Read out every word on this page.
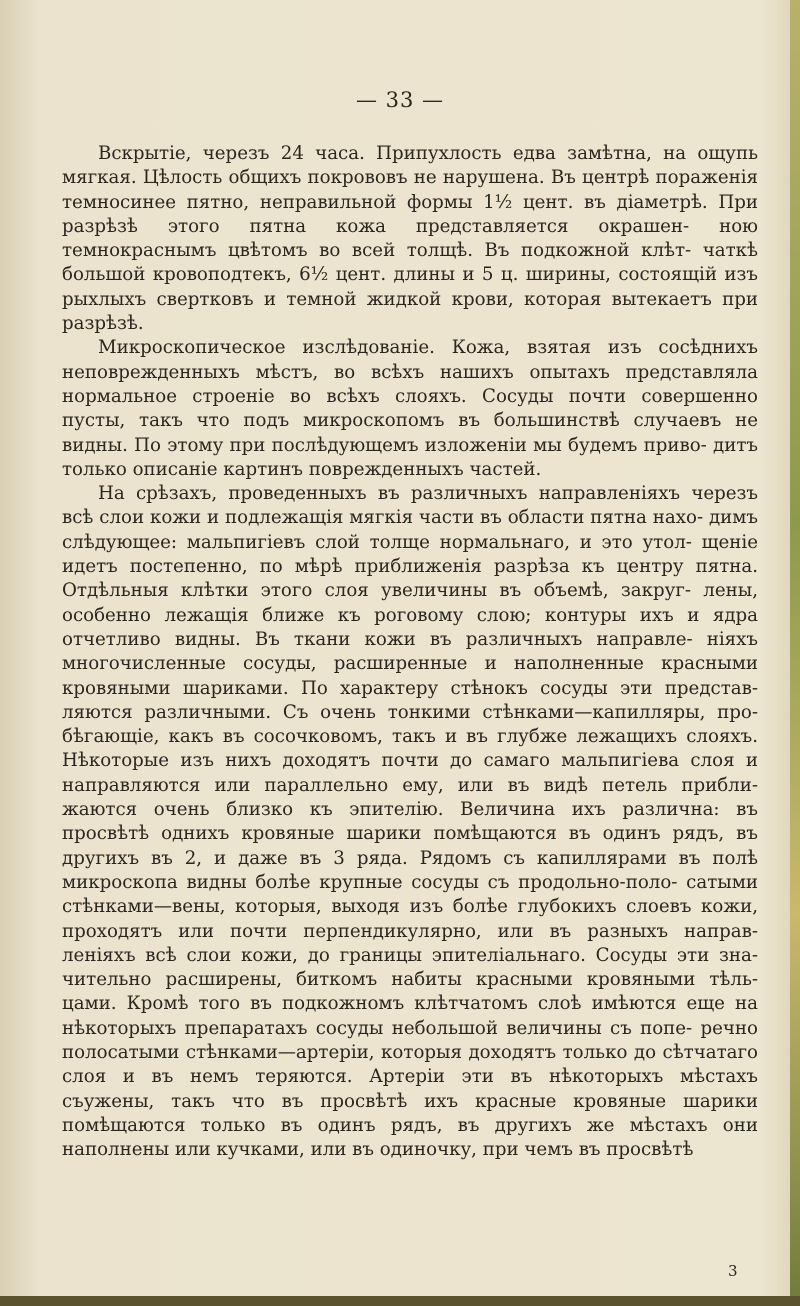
— 33 —

Вскрытіе, черезъ 24 часа. Припухлость едва замѣтна, на ощупь мягкая. Цѣлость общихъ покрововъ не нарушена. Въ центрѣ пораженія темносинее пятно, неправильной формы 1½ цент. въ діаметрѣ. При разрѣзѣ этого пятна кожа представляется окрашен- ною темнокраснымъ цвѣтомъ во всей толщѣ. Въ подкожной клѣт- чаткѣ большой кровоподтекъ, 6½ цент. длины и 5 ц. ширины, состоящій изъ рыхлыхъ свертковъ и темной жидкой крови, которая вытекаетъ при разрѣзѣ.

Микроскопическое изслѣдованіе. Кожа, взятая изъ сосѣднихъ неповрежденныхъ мѣстъ, во всѣхъ нашихъ опытахъ представляла нормальное строеніе во всѣхъ слояхъ. Сосуды почти совершенно пусты, такъ что подъ микроскопомъ въ большинствѣ случаевъ не видны. По этому при послѣдующемъ изложеніи мы будемъ приво- дитъ только описаніе картинъ поврежденныхъ частей.

На срѣзахъ, проведенныхъ въ различныхъ направленіяхъ черезъ всѣ слои кожи и подлежащія мягкія части въ области пятна нахо- димъ слѣдующее: мальпигіевъ слой толще нормальнаго, и это утол- щеніе идетъ постепенно, по мѣрѣ приближенія разрѣза къ центру пятна. Отдѣльныя клѣтки этого слоя увеличины въ объемѣ, закруг- лены, особенно лежащія ближе къ роговому слою; контуры ихъ и ядра отчетливо видны. Въ ткани кожи въ различныхъ направле- ніяхъ многочисленные сосуды, расширенные и наполненные красными кровяными шариками. По характеру стѣнокъ сосуды эти представ- ляются различными. Съ очень тонкими стѣнками—капилляры, про- бѣгающіе, какъ въ сосочковомъ, такъ и въ глубже лежащихъ слояхъ. Нѣкоторые изъ нихъ доходятъ почти до самаго мальпигіева слоя и направляются или параллельно ему, или въ видѣ петель прибли- жаются очень близко къ эпителію. Величина ихъ различна: въ просвѣтѣ однихъ кровяные шарики помѣщаются въ одинъ рядъ, въ другихъ въ 2, и даже въ 3 ряда. Рядомъ съ капиллярами въ полѣ микроскопа видны болѣе крупные сосуды съ продольно-поло- сатыми стѣнками—вены, которыя, выходя изъ болѣе глубокихъ слоевъ кожи, проходятъ или почти перпендикулярно, или въ разныхъ направ- леніяхъ всѣ слои кожи, до границы эпителіальнаго. Сосуды эти зна- чительно расширены, биткомъ набиты красными кровяными тѣль- цами. Кромѣ того въ подкожномъ клѣтчатомъ слоѣ имѣются еще на нѣкоторыхъ препаратахъ сосуды небольшой величины съ попе- речно полосатыми стѣнками—артеріи, которыя доходятъ только до сѣтчатаго слоя и въ немъ теряются. Артеріи эти въ нѣкоторыхъ мѣстахъ съужены, такъ что въ просвѣтѣ ихъ красные кровяные шарики помѣщаются только въ одинъ рядъ, въ другихъ же мѣстахъ они наполнены или кучками, или въ одиночку, при чемъ въ просвѣтѣ

3
